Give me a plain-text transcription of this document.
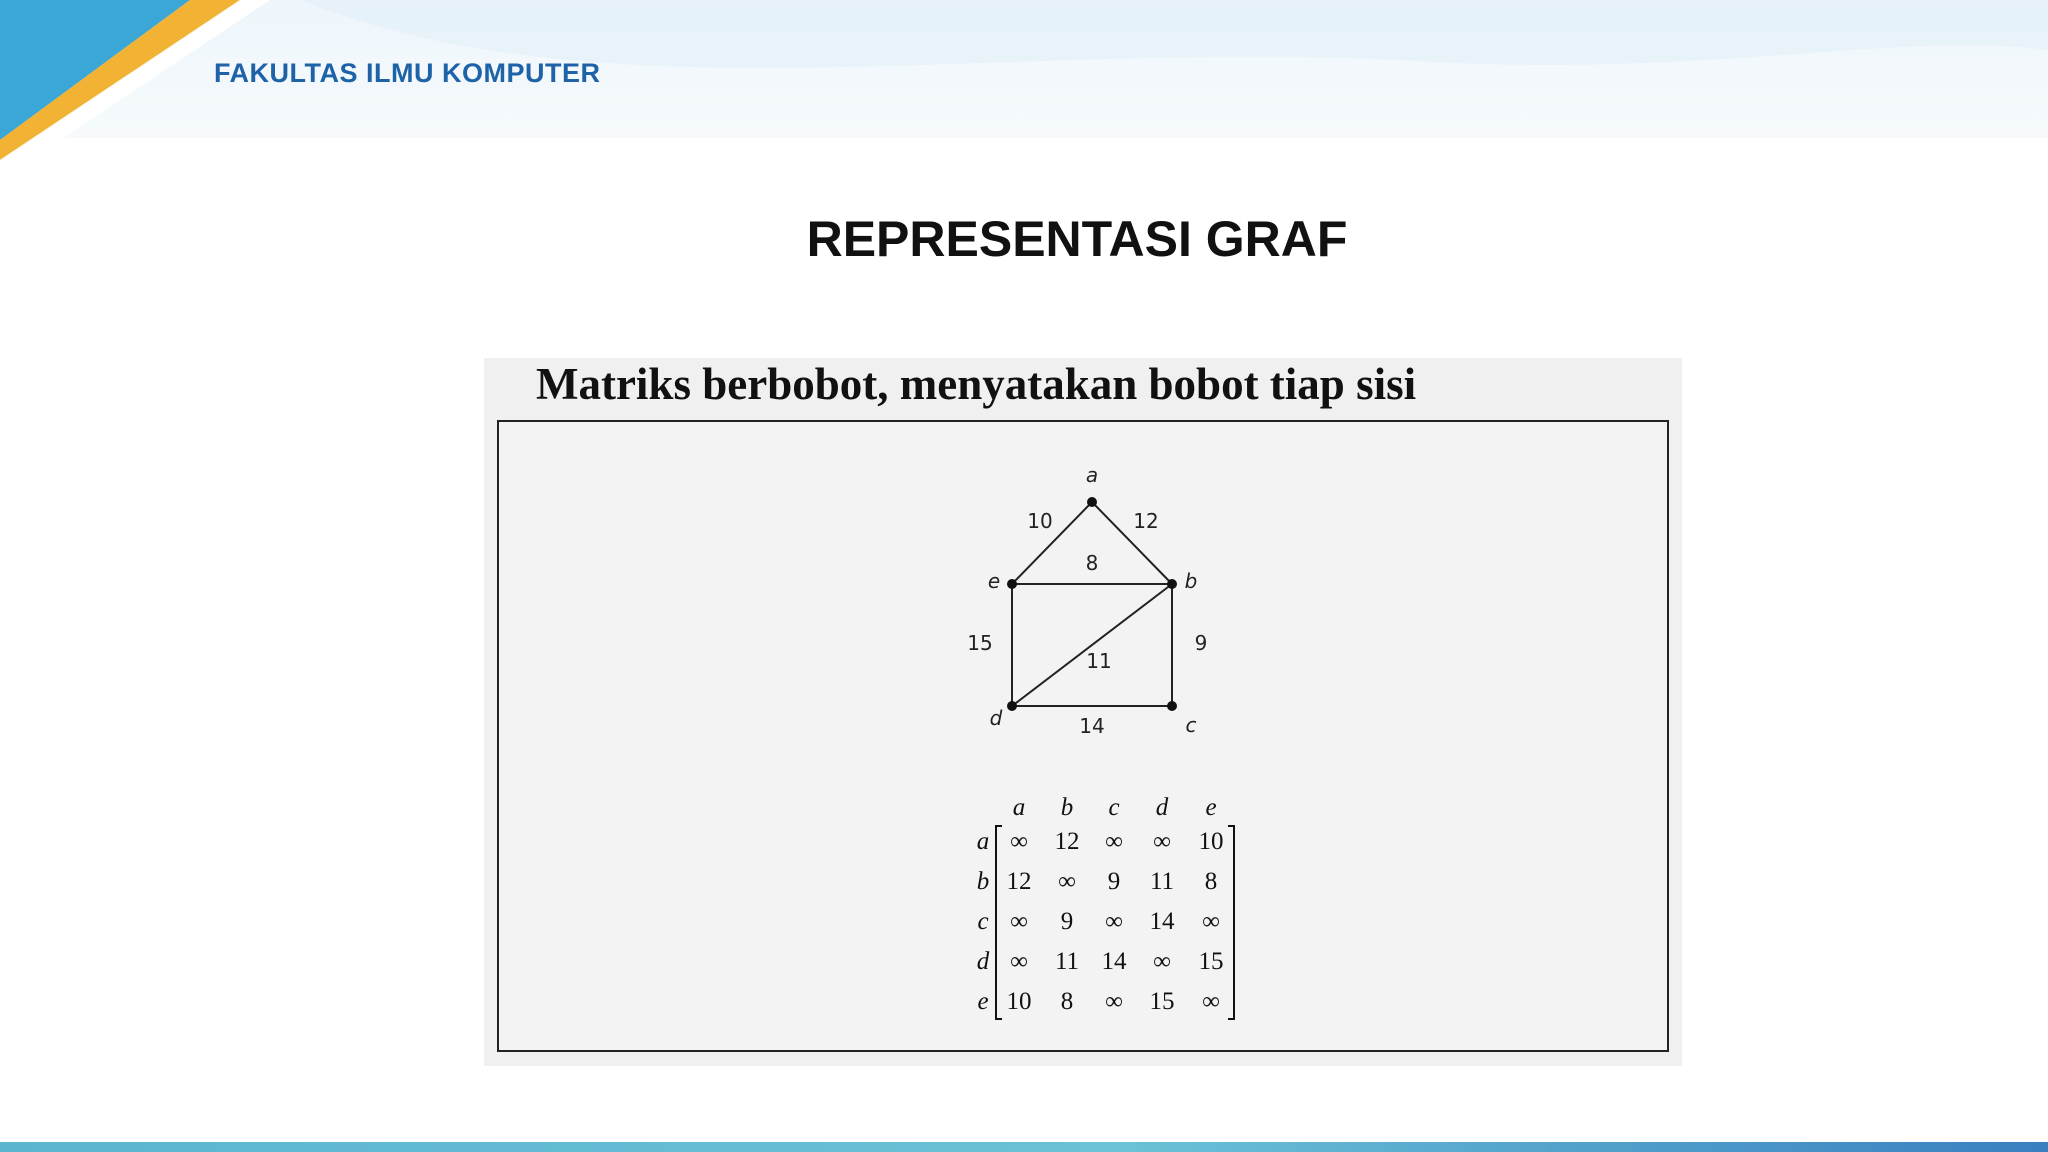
FAKULTAS ILMU KOMPUTER
REPRESENTASI GRAF
Matriks berbobot, menyatakan bobot tiap sisi
10	12
8
15	9
11
14
a
b
c
d
e
a b c d e
a
b
c
d
e
∞ 12 ∞ ∞ 10
12 ∞ 9 11 8
∞ 9 ∞ 14 ∞
∞ 11 14 ∞ 15
10 8 ∞ 15 ∞
